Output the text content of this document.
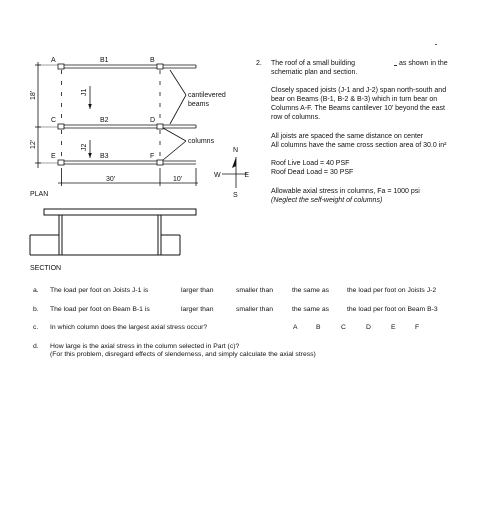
A	B
C	D
E	F
B1
B2
B3
30'	10'
cantilevered
beams
columns
N
S
W	E
18'
12'
J1
J2
PLAN
SECTION
2. The roof of a small building	as shown in the
schematic plan and section.
Closely spaced joists (J-1 and J-2) span north-south and
bear on Beams (B-1, B-2 & B-3) which in turn bear on
Columns A-F. The Beams cantilever 10' beyond the east
row of columns.
All joists are spaced the same distance on center
All columns have the same cross section area of 30.0 in²
Roof Live Load = 40 PSF
Roof Dead Load = 30 PSF
Allowable axial stress in columns, Fa = 1000 psi
(Neglect the self-weight of columns)
a. The load per foot on Joists J-1 is	larger than	smaller than	the same as	the load per foot on Joists J-2
b. The load per foot on Beam B-1 is	larger than	smaller than	the same as	the load per foot on Beam B-3
c. In which column does the largest axial stress occur?	A	B	C	D	E	F
d. How large is the axial stress in the column selected in Part (c)?
(For this problem, disregard effects of slenderness, and simply calculate the axial stress)
